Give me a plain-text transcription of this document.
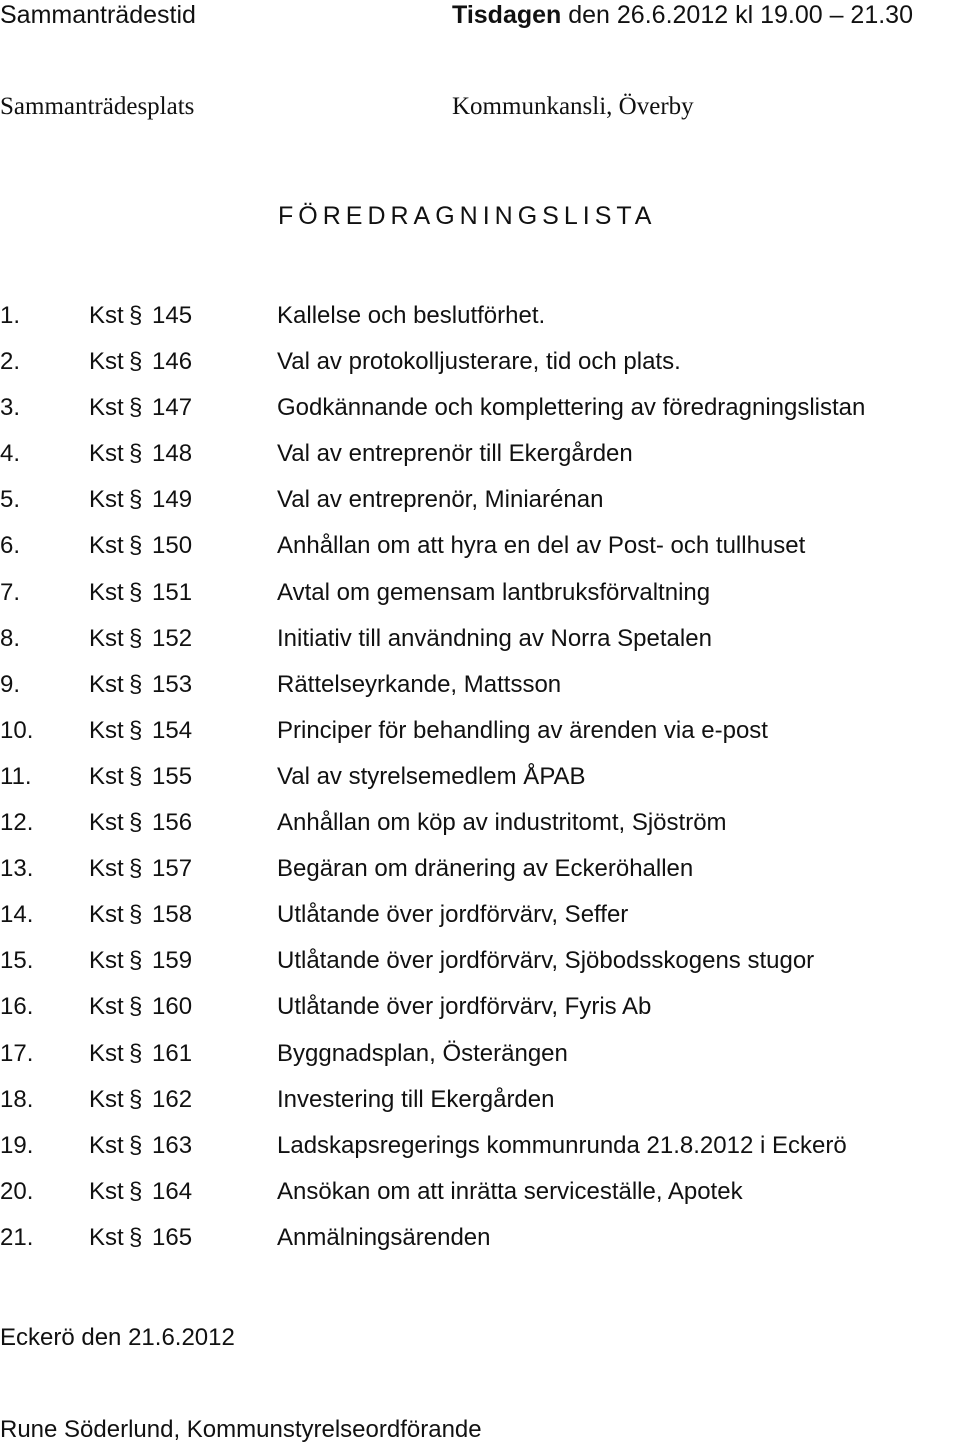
Sammanträdestid	Tisdagen den 26.6.2012 kl 19.00 – 21.30
Sammanträdesplats	Kommunkansli, Överby
FÖREDRAGNINGSLISTA
1.	Kst § 145	Kallelse och beslutförhet.
2.	Kst § 146	Val av protokolljusterare, tid och plats.
3.	Kst § 147	Godkännande och komplettering av föredragningslistan
4.	Kst § 148	Val av entreprenör till Ekergården
5.	Kst § 149	Val av entreprenör, Miniarénan
6.	Kst § 150	Anhållan om att hyra en del av Post- och tullhuset
7.	Kst § 151	Avtal om gemensam lantbruksförvaltning
8.	Kst § 152	Initiativ till användning av Norra Spetalen
9.	Kst § 153	Rättelseyrkande, Mattsson
10. Kst § 154	Principer för behandling av ärenden via e-post
11. Kst § 155	Val av styrelsemedlem ÅPAB
12. Kst § 156	Anhållan om köp av industritomt, Sjöström
13. Kst § 157	Begäran om dränering av Eckeröhallen
14. Kst § 158	Utlåtande över jordförvärv, Seffer
15. Kst § 159	Utlåtande över jordförvärv, Sjöbodsskogens stugor
16. Kst § 160	Utlåtande över jordförvärv, Fyris Ab
17. Kst § 161	Byggnadsplan, Österängen
18. Kst § 162	Investering till Ekergården
19. Kst § 163	Ladskapsregerings kommunrunda 21.8.2012 i Eckerö
20. Kst § 164	Ansökan om att inrätta serviceställe, Apotek
21. Kst § 165	Anmälningsärenden
Eckerö den 21.6.2012
Rune Söderlund, Kommunstyrelseordförande
